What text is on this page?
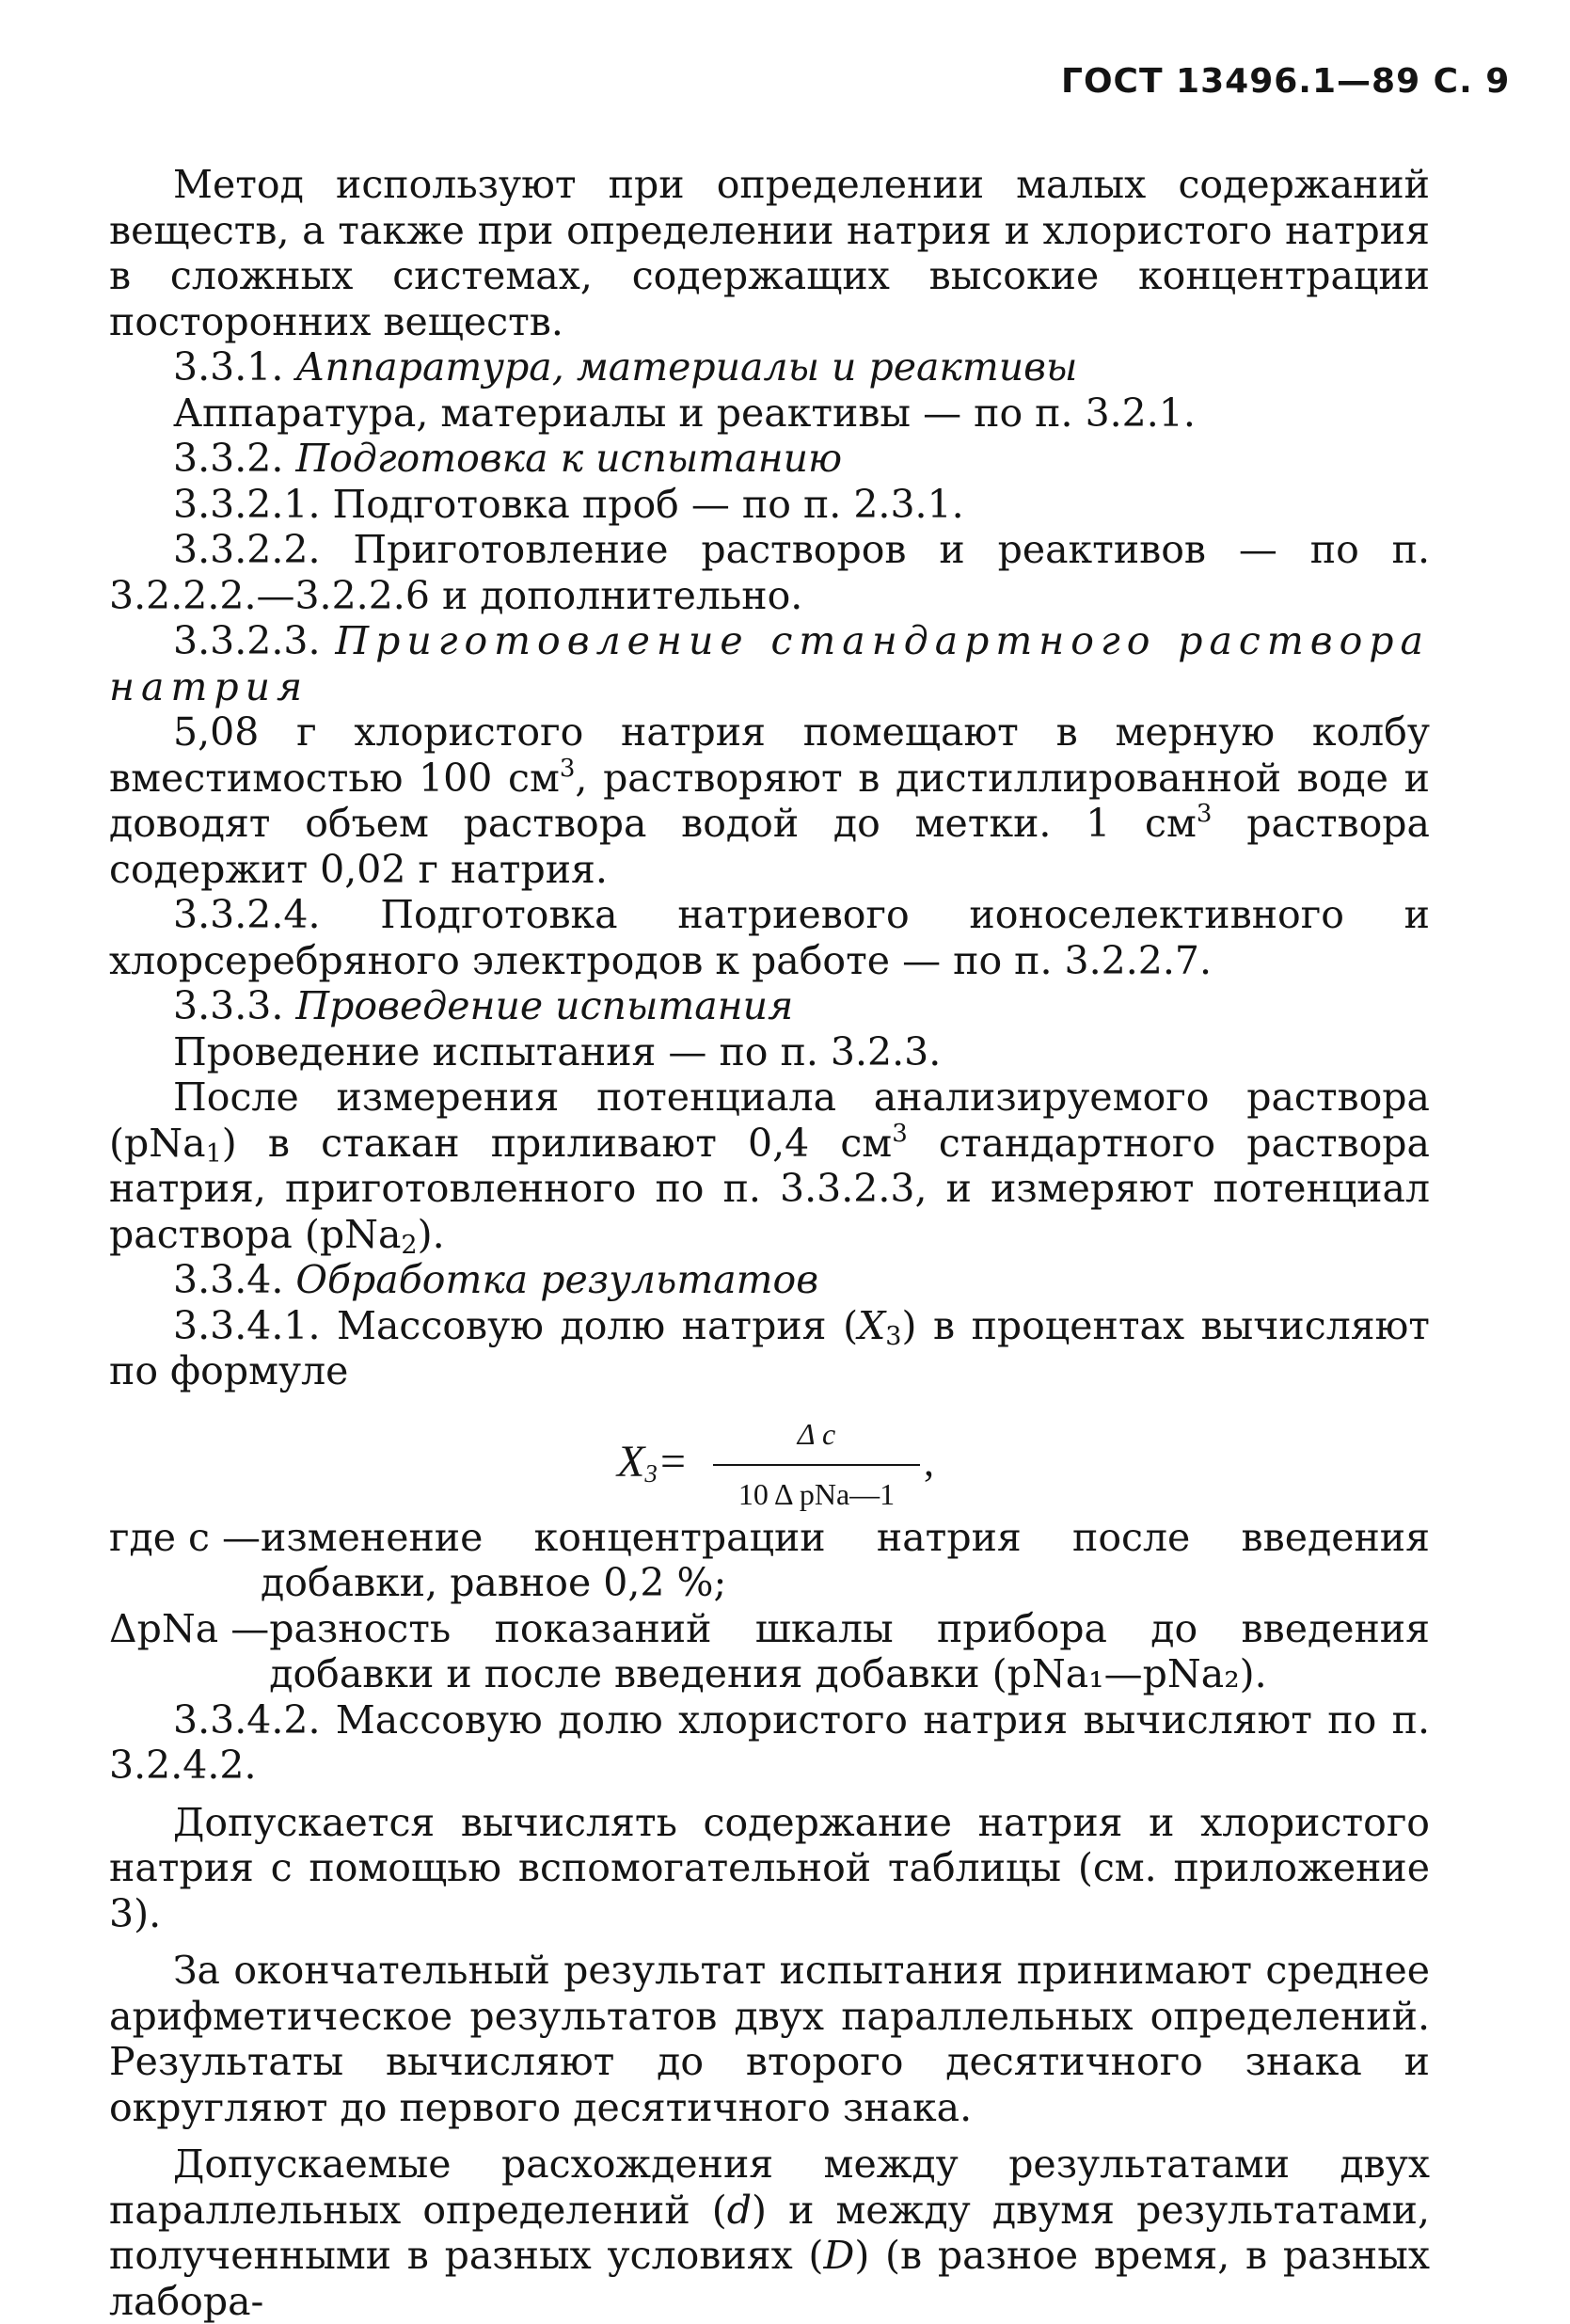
ГОСТ 13496.1—89 С. 9

Метод используют при определении малых содержаний веществ, а также при определении натрия и хлористого натрия в сложных системах, содержащих высокие концентрации посторонних веществ.

3.3.1. Аппаратура, материалы и реактивы

Аппаратура, материалы и реактивы — по п. 3.2.1.

3.3.2. Подготовка к испытанию

3.3.2.1. Подготовка проб — по п. 2.3.1.

3.3.2.2. Приготовление растворов и реактивов — по п. 3.2.2.2.—3.2.2.6 и дополнительно.

3.3.2.3. Приготовление стандартного раствора натрия

5,08 г хлористого натрия помещают в мерную колбу вместимостью 100 $см^3$, растворяют в дистиллированной воде и доводят объем раствора водой до метки. 1 $см^3$ раствора содержит 0,02 г натрия.

3.3.2.4. Подготовка натриевого ионоселективного и хлорсеребряного электродов к работе — по п. 3.2.2.7.

3.3.3. Проведение испытания

Проведение испытания — по п. 3.2.3.

После измерения потенциала анализируемого раствора (pNa$_1$) в стакан приливают 0,4 $см^3$ стандартного раствора натрия, приготовленного по п. 3.3.2.3, и измеряют потенциал раствора (pNa$_2$).

3.3.4. Обработка результатов

3.3.4.1. Массовую долю натрия $(X_3)$ в процентах вычисляют по формуле

$X_3=$
Δ c
10 Δ pNa—1
,
где c — изменение концентрации натрия после введения добавки, равное 0,2 %;
ΔpNa — разность показаний шкалы прибора до введения добавки и после введения добавки (pNa₁—pNa₂).

3.3.4.2. Массовую долю хлористого натрия вычисляют по п. 3.2.4.2.

Допускается вычислять содержание натрия и хлористого натрия с помощью вспомогательной таблицы (см. приложение 3).

За окончательный результат испытания принимают среднее арифметическое результатов двух параллельных определений. Результаты вычисляют до второго десятичного знака и округляют до первого десятичного знака.

Допускаемые расхождения между результатами двух параллельных определений (d) и между двумя результатами, полученными в разных условиях (D) (в разное время, в разных лабора-
